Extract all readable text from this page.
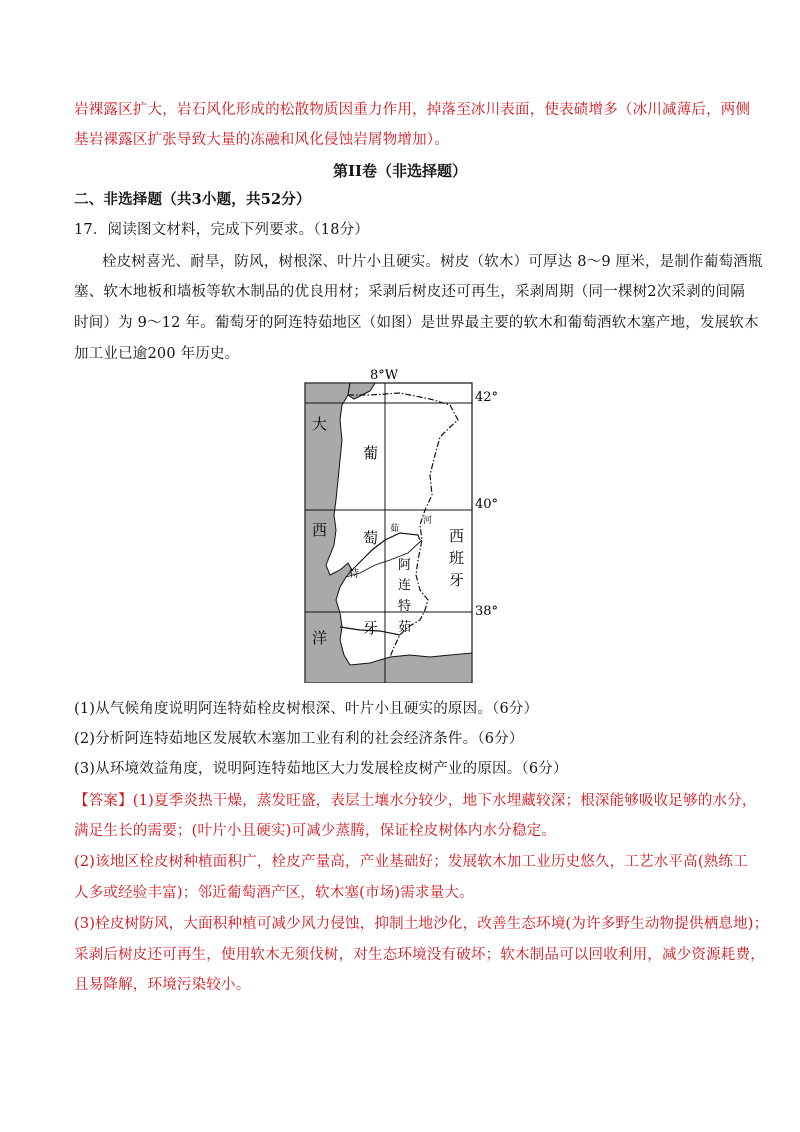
岩裸露区扩大，岩石风化形成的松散物质因重力作用，掉落至冰川表面，使表碛增多（冰川减薄后，两侧
基岩裸露区扩张导致大量的冻融和风化侵蚀岩屑物增加）。
第II卷（非选择题）
二、非选择题（共3小题，共52分）
17．阅读图文材料，完成下列要求。（18分）
栓皮树喜光、耐旱，防风，树根深、叶片小且硬实。树皮（软木）可厚达 8～9 厘米，是制作葡萄酒瓶
塞、软木地板和墙板等软木制品的优良用材；采剥后树皮还可再生，采剥周期（同一棵树2次采剥的间隔
时间）为 9～12 年。葡萄牙的阿连特茹地区（如图）是世界最主要的软木和葡萄酒软木塞产地，发展软木
加工业已逾200 年历史。
8°W
42°
40°
38°
大
西
洋
葡
萄
牙
西
班
牙
阿
连
特
茹
特
茹
河
(1)从气候角度说明阿连特茹栓皮树根深、叶片小且硬实的原因。（6分）
(2)分析阿连特茹地区发展软木塞加工业有利的社会经济条件。（6分）
(3)从环境效益角度，说明阿连特茹地区大力发展栓皮树产业的原因。（6分）
【答案】(1)夏季炎热干燥，蒸发旺盛，表层土壤水分较少，地下水埋藏较深；根深能够吸收足够的水分，
满足生长的需要；(叶片小且硬实)可减少蒸腾，保证栓皮树体内水分稳定。
(2)该地区栓皮树种植面积广，栓皮产量高，产业基础好；发展软木加工业历史悠久，工艺水平高(熟练工
人多或经验丰富)；邻近葡萄酒产区，软木塞(市场)需求量大。
(3)栓皮树防风，大面积种植可减少风力侵蚀，抑制土地沙化，改善生态环境(为许多野生动物提供栖息地)；
采剥后树皮还可再生，使用软木无须伐树，对生态环境没有破坏；软木制品可以回收利用，减少资源耗费，
且易降解，环境污染较小。
